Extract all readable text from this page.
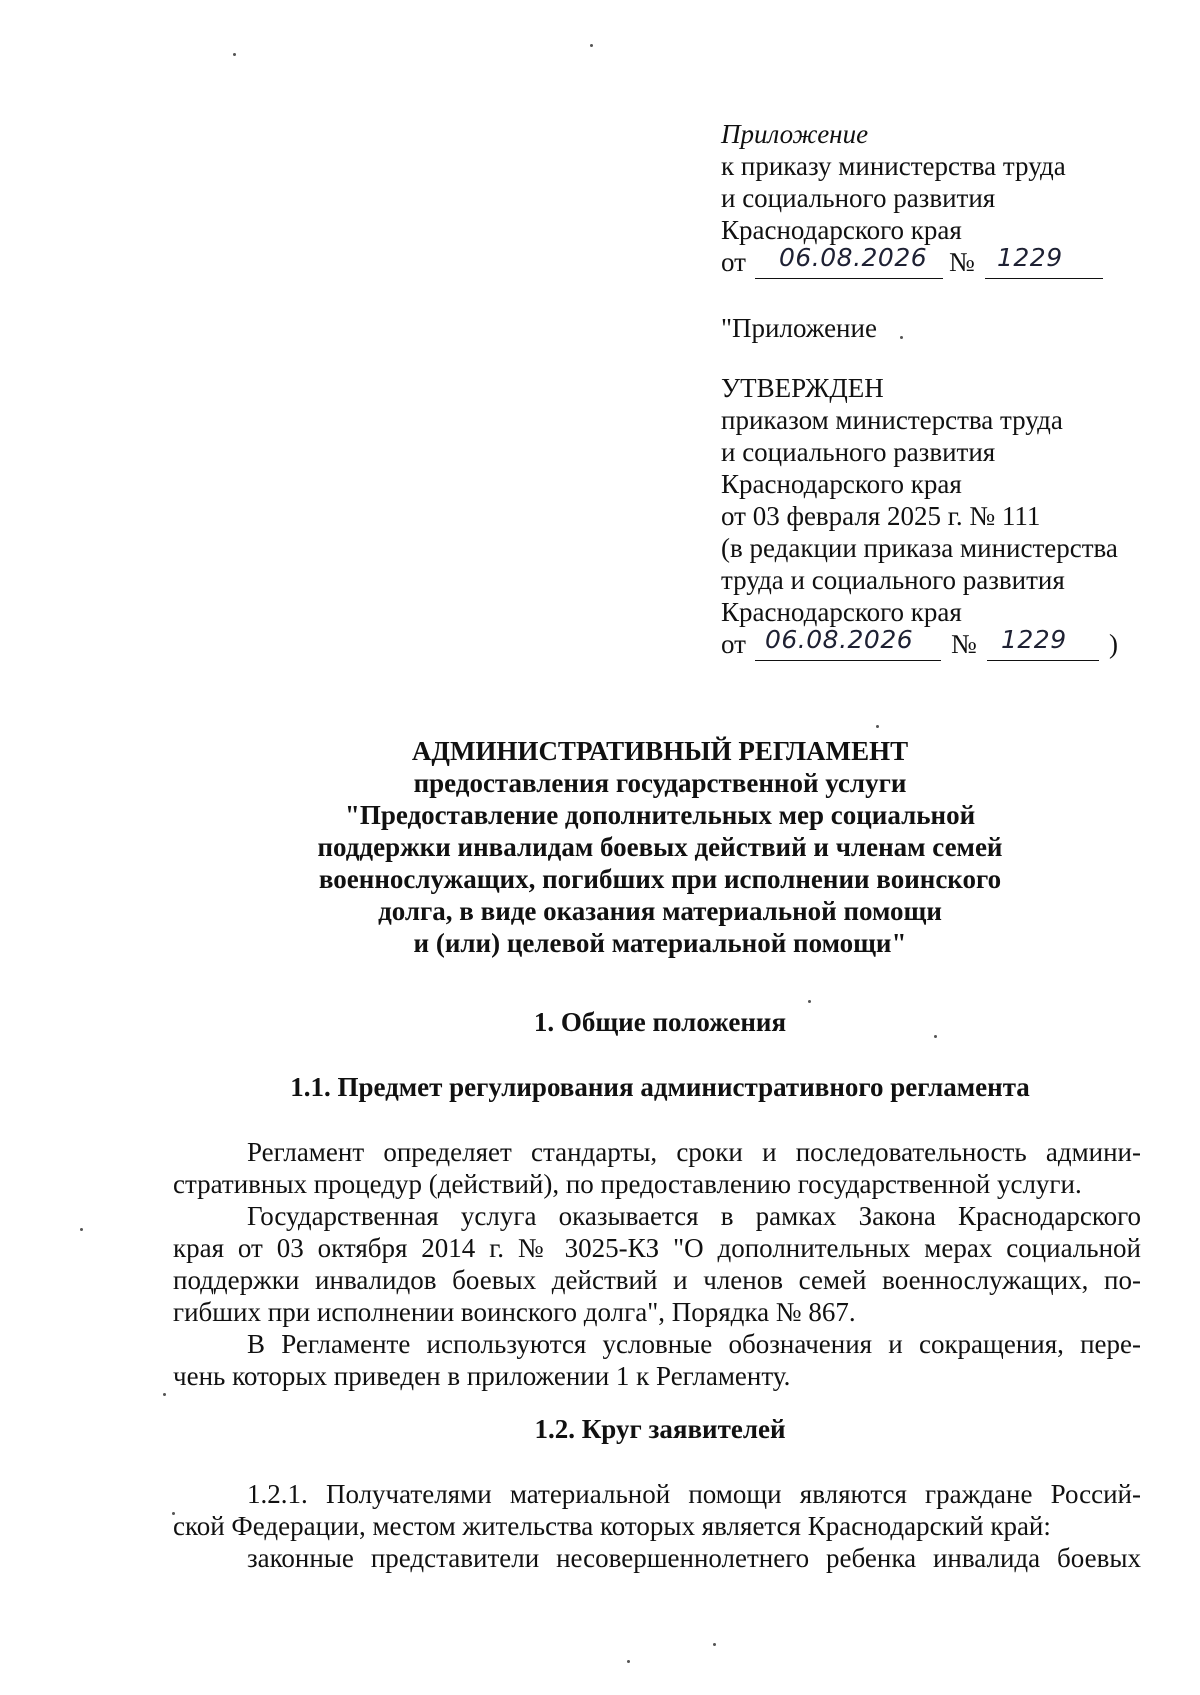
Приложение
к приказу министерства труда
и социального развития
Краснодарского края
от 06.08.2026 № 1229
"Приложение
УТВЕРЖДЕН
приказом министерства труда
и социального развития
Краснодарского края
от 03 февраля 2025 г. № 111
(в редакции приказа министерства
труда и социального развития
Краснодарского края
от 06.08.2026 № 1229 )
АДМИНИСТРАТИВНЫЙ РЕГЛАМЕНТ
предоставления государственной услуги
"Предоставление дополнительных мер социальной
поддержки инвалидам боевых действий и членам семей
военнослужащих, погибших при исполнении воинского
долга, в виде оказания материальной помощи
и (или) целевой материальной помощи"
1. Общие положения
1.1. Предмет регулирования административного регламента
Регламент определяет стандарты, сроки и последовательность админи-
стративных процедур (действий), по предоставлению государственной услуги.
Государственная услуга оказывается в рамках Закона Краснодарского
края от 03 октября 2014 г. № 3025-КЗ "О дополнительных мерах социальной
поддержки инвалидов боевых действий и членов семей военнослужащих, по-
гибших при исполнении воинского долга", Порядка № 867.
В Регламенте используются условные обозначения и сокращения, пере-
чень которых приведен в приложении 1 к Регламенту.
1.2. Круг заявителей
1.2.1. Получателями материальной помощи являются граждане Россий-
ской Федерации, местом жительства которых является Краснодарский край:
законные представители несовершеннолетнего ребенка инвалида боевых
